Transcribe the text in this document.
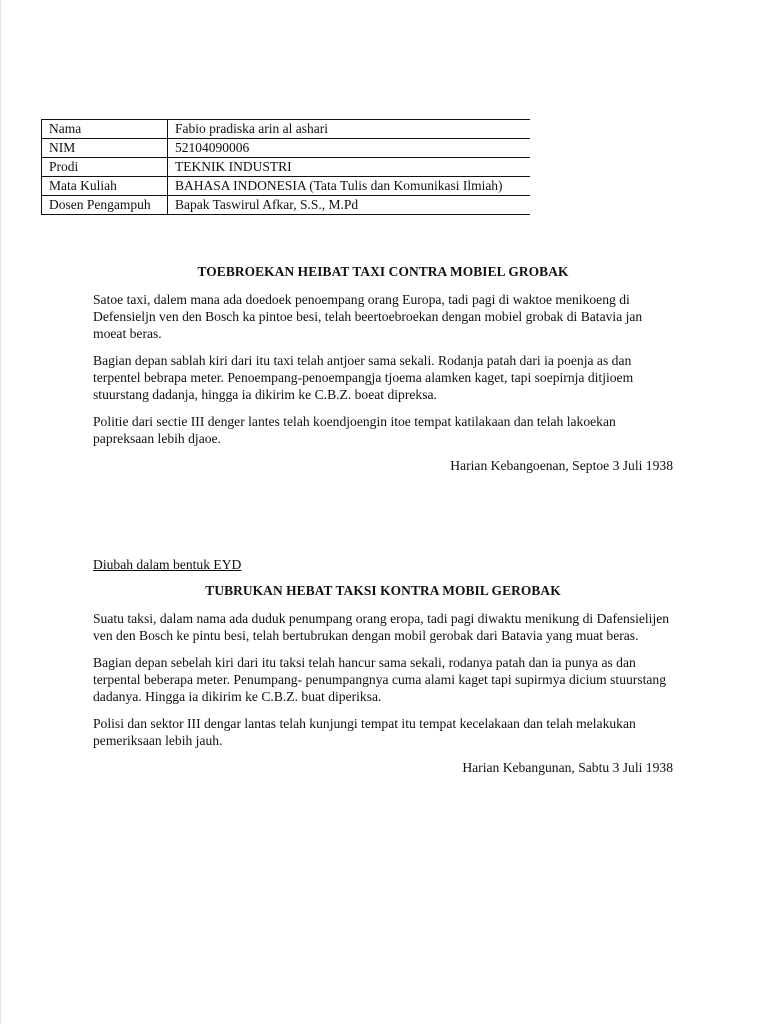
Nama	Fabio pradiska arin al ashari
NIM	52104090006
Prodi	TEKNIK INDUSTRI
Mata Kuliah	BAHASA INDONESIA (Tata Tulis dan Komunikasi Ilmiah)
Dosen Pengampuh	Bapak Taswirul Afkar, S.S., M.Pd
TOEBROEKAN HEIBAT TAXI CONTRA MOBIEL GROBAK

Satoe taxi, dalem mana ada doedoek penoempang orang Europa, tadi pagi di waktoe menikoeng di Defensieljn ven den Bosch ka pintoe besi, telah beertoebroekan dengan mobiel grobak di Batavia jan moeat beras.

Bagian depan sablah kiri dari itu taxi telah antjoer sama sekali. Rodanja patah dari ia poenja as dan terpentel bebrapa meter. Penoempang-penoempangja tjoema alamken kaget, tapi soepirnja ditjioem stuurstang dadanja, hingga ia dikirim ke C.B.Z. boeat dipreksa.

Politie dari sectie III denger lantes telah koendjoengin itoe tempat katilakaan dan telah lakoekan papreksaan lebih djaoe.

Harian Kebangoenan, Septoe 3 Juli 1938

Diubah dalam bentuk EYD

TUBRUKAN HEBAT TAKSI KONTRA MOBIL GEROBAK

Suatu taksi, dalam nama ada duduk penumpang orang eropa, tadi pagi diwaktu menikung di Dafensielijen ven den Bosch ke pintu besi, telah bertubrukan dengan mobil gerobak dari Batavia yang muat beras.

Bagian depan sebelah kiri dari itu taksi telah hancur sama sekali, rodanya patah dan ia punya as dan terpental beberapa meter. Penumpang- penumpangnya cuma alami kaget tapi supirmya dicium stuurstang dadanya. Hingga ia dikirim ke C.B.Z. buat diperiksa.

Polisi dan sektor III dengar lantas telah kunjungi tempat itu tempat kecelakaan dan telah melakukan pemeriksaan lebih jauh.

Harian Kebangunan, Sabtu 3 Juli 1938
